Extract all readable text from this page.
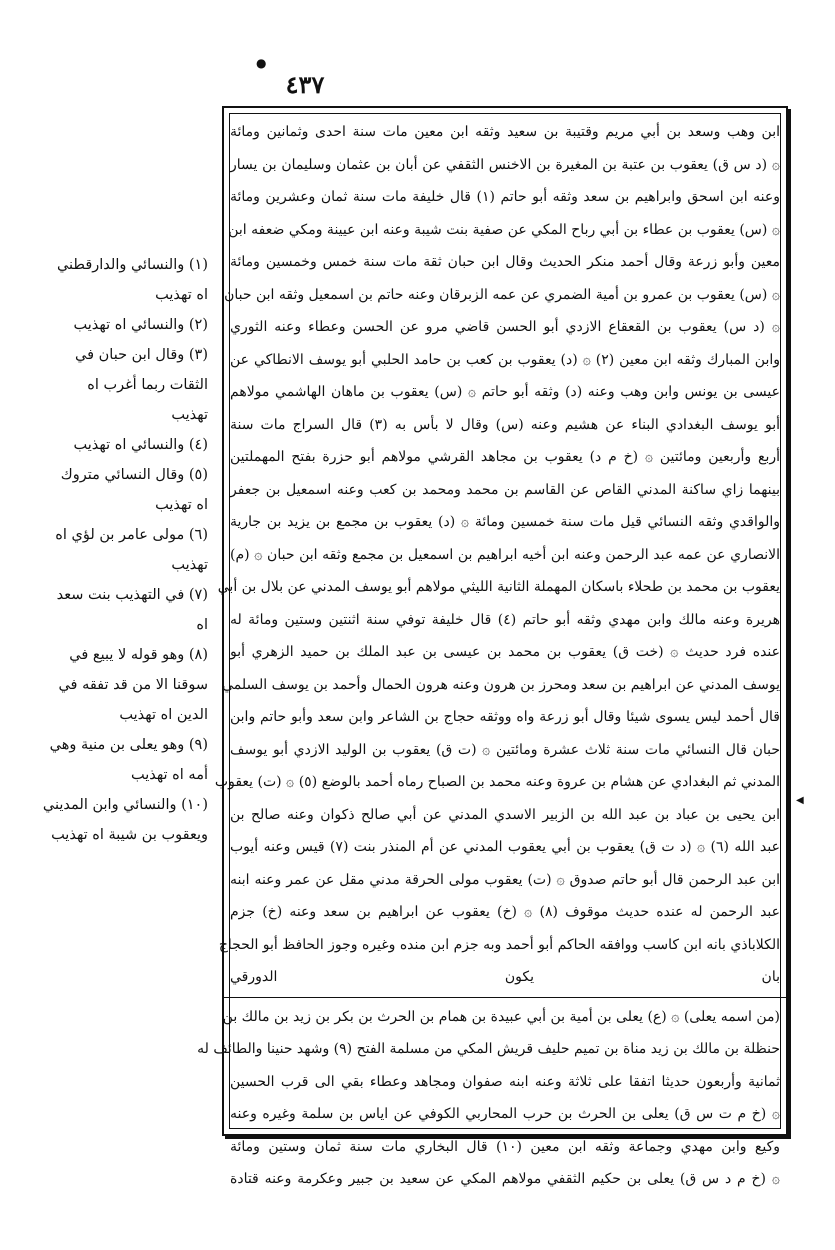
●
٤٣٧
ابن وهب وسعد بن أبي مريم وقتيبة بن سعيد وثقه ابن معين مات سنة احدى وثمانين ومائة
۞ (د س ق) يعقوب بن عتبة بن المغيرة بن الاخنس الثقفي عن أبان بن عثمان وسليمان بن يسار
وعنه ابن اسحق وابراهيم بن سعد وثقه أبو حاتم (١) قال خليفة مات سنة ثمان وعشرين ومائة
۞ (س) يعقوب بن عطاء بن أبي رباح المكي عن صفية بنت شيبة وعنه ابن عيينة ومكي ضعفه ابن
معين وأبو زرعة وقال أحمد منكر الحديث وقال ابن حبان ثقة مات سنة خمس وخمسين ومائة
۞ (س) يعقوب بن عمرو بن أمية الضمري عن عمه الزبرقان وعنه حاتم بن اسمعيل وثقه ابن حبان
۞ (د س) يعقوب بن القعقاع الازدي أبو الحسن قاضي مرو عن الحسن وعطاء وعنه الثوري
وابن المبارك وثقه ابن معين (٢) ۞ (د) يعقوب بن كعب بن حامد الحلبي أبو يوسف الانطاكي عن
عيسى بن يونس وابن وهب وعنه (د) وثقه أبو حاتم ۞ (س) يعقوب بن ماهان الهاشمي مولاهم
أبو يوسف البغدادي البناء عن هشيم وعنه (س) وقال لا بأس به (٣) قال السراج مات سنة
أربع وأربعين ومائتين ۞ (خ م د) يعقوب بن مجاهد القرشي مولاهم أبو حزرة بفتح المهملتين
بينهما زاي ساكنة المدني القاص عن القاسم بن محمد ومحمد بن كعب وعنه اسمعيل بن جعفر
والواقدي وثقه النسائي قيل مات سنة خمسين ومائة ۞ (د) يعقوب بن مجمع بن يزيد بن جارية
الانصاري عن عمه عبد الرحمن وعنه ابن أخيه ابراهيم بن اسمعيل بن مجمع وثقه ابن حبان ۞ (م)
يعقوب بن محمد بن طحلاء باسكان المهملة الثانية الليثي مولاهم أبو يوسف المدني عن بلال بن أبي
هريرة وعنه مالك وابن مهدي وثقه أبو حاتم (٤) قال خليفة توفي سنة اثنتين وستين ومائة له
عنده فرد حديث ۞ (خت ق) يعقوب بن محمد بن عيسى بن عبد الملك بن حميد الزهري أبو
يوسف المدني عن ابراهيم بن سعد ومحرز بن هرون وعنه هرون الحمال وأحمد بن يوسف السلمي
قال أحمد ليس يسوى شيئا وقال أبو زرعة واه ووثقه حجاج بن الشاعر وابن سعد وأبو حاتم وابن
حبان قال النسائي مات سنة ثلاث عشرة ومائتين ۞ (ت ق) يعقوب بن الوليد الازدي أبو يوسف
المدني ثم البغدادي عن هشام بن عروة وعنه محمد بن الصباح رماه أحمد بالوضع (٥) ۞ (ت) يعقوب
ابن يحيى بن عباد بن عبد الله بن الزبير الاسدي المدني عن أبي صالح ذكوان وعنه صالح بن
عبد الله (٦) ۞ (د ت ق) يعقوب بن أبي يعقوب المدني عن أم المنذر بنت (٧) قيس وعنه أيوب
ابن عبد الرحمن قال أبو حاتم صدوق ۞ (ت) يعقوب مولى الحرقة مدني مقل عن عمر وعنه ابنه
عبد الرحمن له عنده حديث موقوف (٨) ۞ (خ) يعقوب عن ابراهيم بن سعد وعنه (خ) جزم
الكلاباذي بانه ابن كاسب ووافقه الحاكم أبو أحمد وبه جزم ابن منده وغيره وجوز الحافظ أبو الحجاج
بان يكون الدورقي
(من اسمه يعلى) ۞ (ع) يعلى بن أمية بن أبي عبيدة بن همام بن الحرث بن بكر بن زيد بن مالك بن
حنظلة بن مالك بن زيد مناة بن تميم حليف قريش المكي من مسلمة الفتح (٩) وشهد حنينا والطائف له
ثمانية وأربعون حديثا اتفقا على ثلاثة وعنه ابنه صفوان ومجاهد وعطاء بقي الى قرب الحسين
۞ (خ م ت س ق) يعلى بن الحرث بن حرب المحاربي الكوفي عن اياس بن سلمة وغيره وعنه
وكيع وابن مهدي وجماعة وثقه ابن معين (١٠) قال البخاري مات سنة ثمان وستين ومائة
۞ (خ م د س ق) يعلى بن حكيم الثقفي مولاهم المكي عن سعيد بن جبير وعكرمة وعنه قتادة
(١) والنسائي والدارقطني
اه تهذيب
(٢) والنسائي اه تهذيب
(٣) وقال ابن حبان في
الثقات ربما أغرب اه
تهذيب
(٤) والنسائي اه تهذيب
(٥) وقال النسائي متروك
اه تهذيب
(٦) مولى عامر بن لؤي اه
تهذيب
(٧) في التهذيب بنت سعد
اه
(٨) وهو قوله لا يبيع في
سوقنا الا من قد تفقه في
الدين اه تهذيب
(٩) وهو يعلى بن منية وهي
أمه اه تهذيب
(١٠) والنسائي وابن المديني
ويعقوب بن شيبة اه تهذيب
◀
